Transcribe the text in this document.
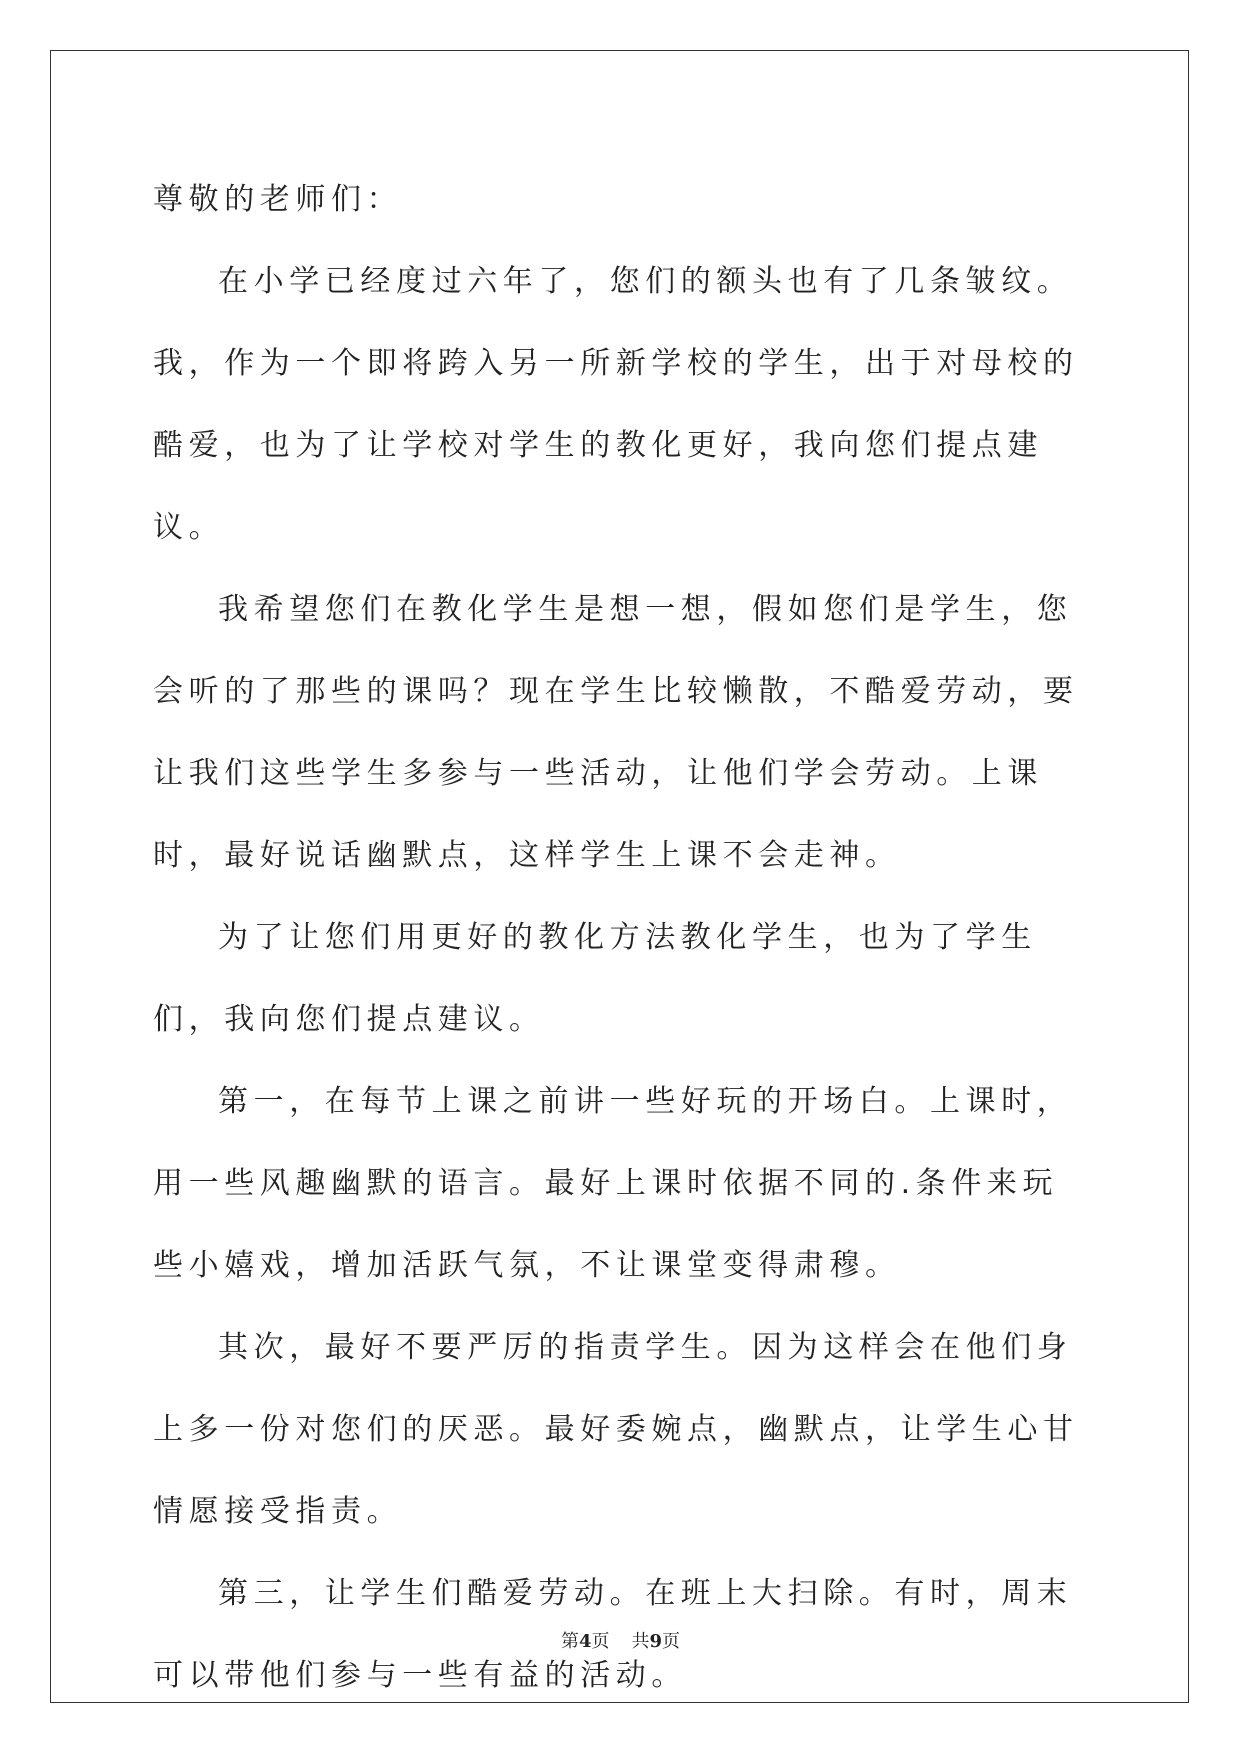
尊敬的老师们：

在小学已经度过六年了，您们的额头也有了几条皱纹。我，作为一个即将跨入另一所新学校的学生，出于对母校的酷爱，也为了让学校对学生的教化更好，我向您们提点建议。

我希望您们在教化学生是想一想，假如您们是学生，您会听的了那些的课吗？现在学生比较懒散，不酷爱劳动，要让我们这些学生多参与一些活动，让他们学会劳动。上课时，最好说话幽默点，这样学生上课不会走神。

为了让您们用更好的教化方法教化学生，也为了学生们，我向您们提点建议。

第一，在每节上课之前讲一些好玩的开场白。上课时，用一些风趣幽默的语言。最好上课时依据不同的.条件来玩些小嬉戏，增加活跃气氛，不让课堂变得肃穆。

其次，最好不要严厉的指责学生。因为这样会在他们身上多一份对您们的厌恶。最好委婉点，幽默点，让学生心甘情愿接受指责。

第三，让学生们酷爱劳动。在班上大扫除。有时，周末可以带他们参与一些有益的活动。

第4页 共9页
